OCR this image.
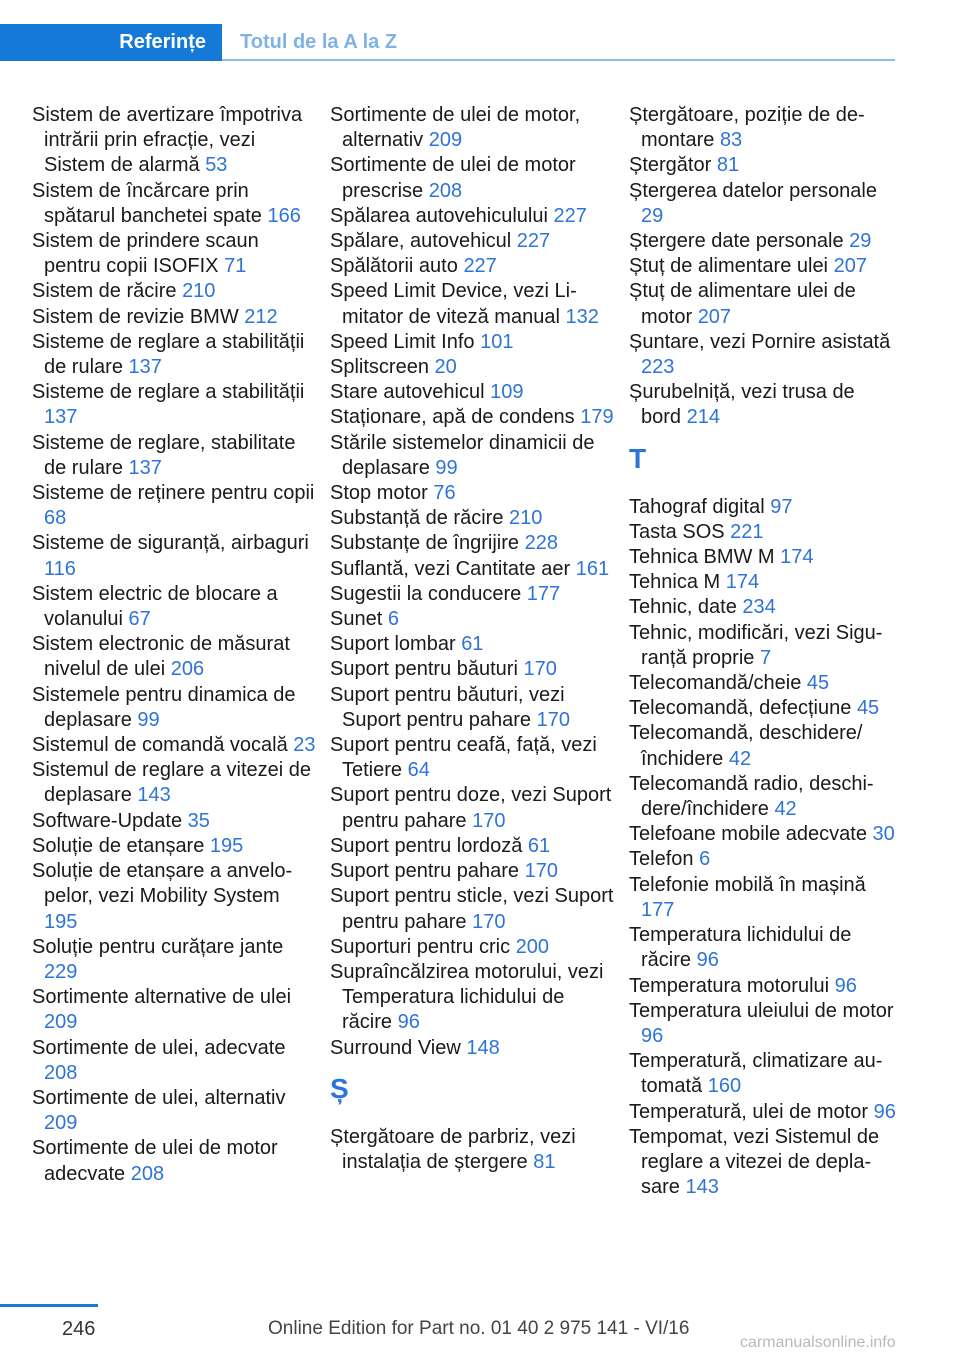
Referințe	Totul de la A la Z
Sistem de avertizare împotriva intrării prin efracție, vezi Sistem de alarmă 53
Sistem de încărcare prin spătarul banchetei spate 166
Sistem de prindere scaun pentru copii ISOFIX 71
Sistem de răcire 210
Sistem de revizie BMW 212
Sisteme de reglare a stabilității de rulare 137
Sisteme de reglare a stabilității 137
Sisteme de reglare, stabilitate de rulare 137
Sisteme de reținere pentru copii 68
Sisteme de siguranță, airbaguri 116
Sistem electric de blocare a volanului 67
Sistem electronic de măsurat nivelul de ulei 206
Sistemele pentru dinamica de deplasare 99
Sistemul de comandă vocală 23
Sistemul de reglare a vitezei de deplasare 143
Software-Update 35
Soluție de etanșare 195
Soluție de etanșare a anvelopelor, vezi Mobility System 195
Soluție pentru curățare jante 229
Sortimente alternative de ulei 209
Sortimente de ulei, adecvate 208
Sortimente de ulei, alternativ 209
Sortimente de ulei de motor adecvate 208
Sortimente de ulei de motor, alternativ 209
Sortimente de ulei de motor prescrise 208
Spălarea autovehiculului 227
Spălare, autovehicul 227
Spălătorii auto 227
Speed Limit Device, vezi Limitator de viteză manual 132
Speed Limit Info 101
Splitscreen 20
Stare autovehicul 109
Staționare, apă de condens 179
Stările sistemelor dinamicii de deplasare 99
Stop motor 76
Substanță de răcire 210
Substanțe de îngrijire 228
Suflantă, vezi Cantitate aer 161
Sugestii la conducere 177
Sunet 6
Suport lombar 61
Suport pentru băuturi 170
Suport pentru băuturi, vezi Suport pentru pahare 170
Suport pentru ceafă, față, vezi Tetiere 64
Suport pentru doze, vezi Suport pentru pahare 170
Suport pentru lordoză 61
Suport pentru pahare 170
Suport pentru sticle, vezi Suport pentru pahare 170
Suporturi pentru cric 200
Supraîncălzirea motorului, vezi Temperatura lichidului de răcire 96
Surround View 148
Ș
Ștergătoare de parbriz, vezi instalația de ștergere 81
Ștergătoare, poziție de demontare 83
Ștergător 81
Ștergerea datelor personale 29
Ștergere date personale 29
Ștuț de alimentare ulei 207
Ștuț de alimentare ulei de motor 207
Șuntare, vezi Pornire asistată 223
Șurubelniță, vezi trusa de bord 214
T
Tahograf digital 97
Tasta SOS 221
Tehnica BMW M 174
Tehnica M 174
Tehnic, date 234
Tehnic, modificări, vezi Siguranță proprie 7
Telecomandă/cheie 45
Telecomandă, defecțiune 45
Telecomandă, deschidere/ închidere 42
Telecomandă radio, deschidere/închidere 42
Telefoane mobile adecvate 30
Telefon 6
Telefonie mobilă în mașină 177
Temperatura lichidului de răcire 96
Temperatura motorului 96
Temperatura uleiului de motor 96
Temperatură, climatizare automată 160
Temperatură, ulei de motor 96
Tempomat, vezi Sistemul de reglare a vitezei de deplasare 143
246	Online Edition for Part no. 01 40 2 975 141 - VI/16
carmanualsonline.info
